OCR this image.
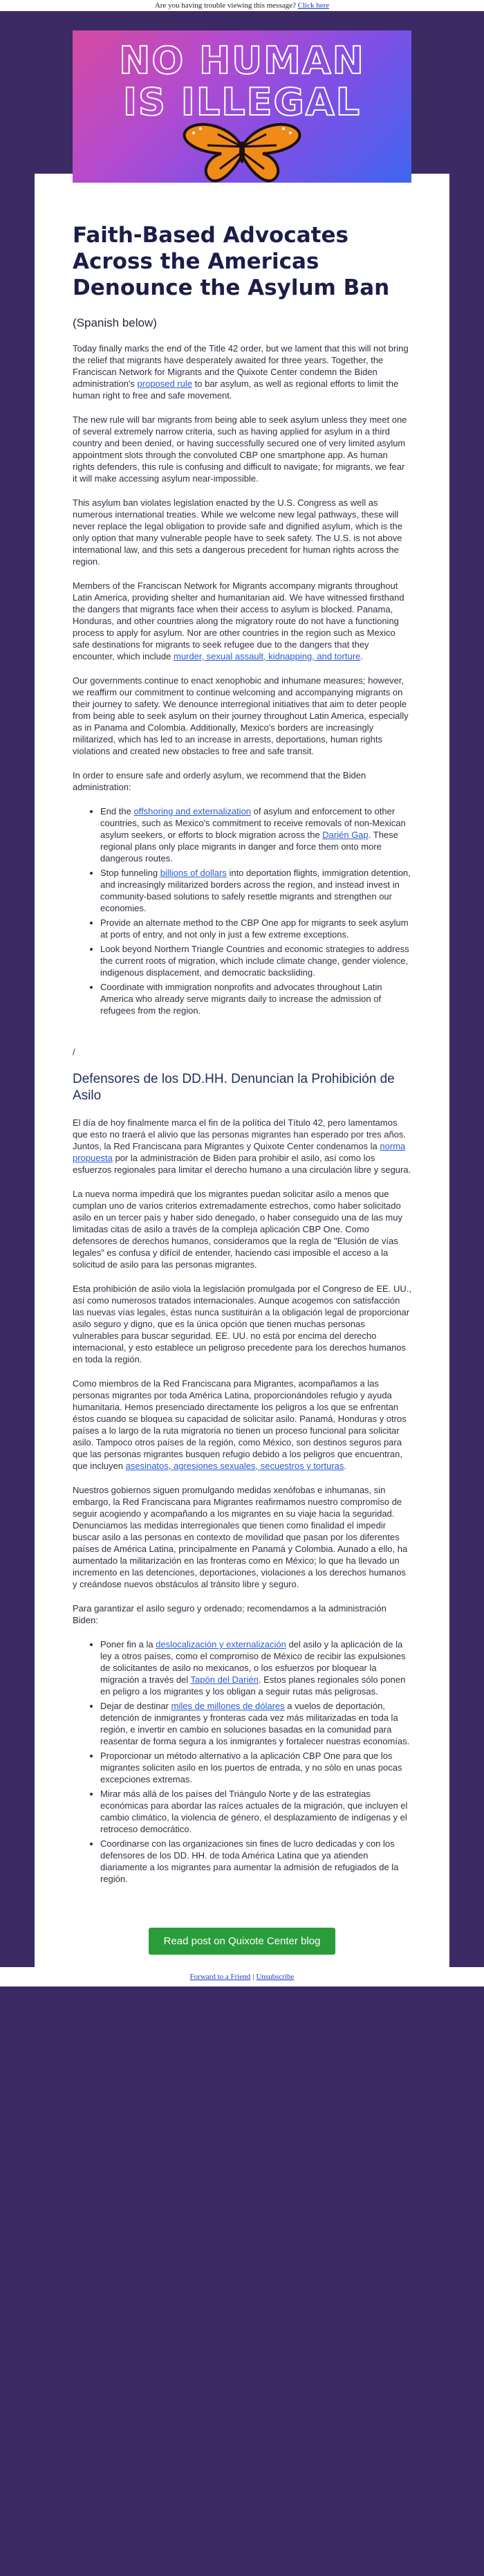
Are you having trouble viewing this message? Click here
NO HUMAN
IS ILLEGAL
Faith-Based Advocates Across the Americas Denounce the Asylum Ban
(Spanish below)

Today finally marks the end of the Title 42 order, but we lament that this will not bring the relief that migrants have desperately awaited for three years. Together, the Franciscan Network for Migrants and the Quixote Center condemn the Biden administration's proposed rule to bar asylum, as well as regional efforts to limit the human right to free and safe movement.

The new rule will bar migrants from being able to seek asylum unless they meet one of several extremely narrow criteria, such as having applied for asylum in a third country and been denied, or having successfully secured one of very limited asylum appointment slots through the convoluted CBP one smartphone app. As human rights defenders, this rule is confusing and difficult to navigate; for migrants, we fear it will make accessing asylum near-impossible.

This asylum ban violates legislation enacted by the U.S. Congress as well as numerous international treaties. While we welcome new legal pathways, these will never replace the legal obligation to provide safe and dignified asylum, which is the only option that many vulnerable people have to seek safety. The U.S. is not above international law, and this sets a dangerous precedent for human rights across the region.

Members of the Franciscan Network for Migrants accompany migrants throughout Latin America, providing shelter and humanitarian aid. We have witnessed firsthand the dangers that migrants face when their access to asylum is blocked. Panama, Honduras, and other countries along the migratory route do not have a functioning process to apply for asylum. Nor are other countries in the region such as Mexico safe destinations for migrants to seek refugee due to the dangers that they encounter, which include murder, sexual assault, kidnapping, and torture.

Our governments continue to enact xenophobic and inhumane measures; however, we reaffirm our commitment to continue welcoming and accompanying migrants on their journey to safety. We denounce interregional initiatives that aim to deter people from being able to seek asylum on their journey throughout Latin America, especially as in Panama and Colombia. Additionally, Mexico's borders are increasingly militarized, which has led to an increase in arrests, deportations, human rights violations and created new obstacles to free and safe transit.

In order to ensure safe and orderly asylum, we recommend that the Biden administration:

• End the offshoring and externalization of asylum and enforcement to other countries, such as Mexico's commitment to receive removals of non-Mexican asylum seekers, or efforts to block migration across the Darién Gap. These regional plans only place migrants in danger and force them onto more dangerous routes.
• Stop funneling billions of dollars into deportation flights, immigration detention, and increasingly militarized borders across the region, and instead invest in community-based solutions to safely resettle migrants and strengthen our economies.
• Provide an alternate method to the CBP One app for migrants to seek asylum at ports of entry, and not only in just a few extreme exceptions.
• Look beyond Northern Triangle Countries and economic strategies to address the current roots of migration, which include climate change, gender violence, indigenous displacement, and democratic backsliding.
• Coordinate with immigration nonprofits and advocates throughout Latin America who already serve migrants daily to increase the admission of refugees from the region.
/
Defensores de los DD.HH. Denuncian la Prohibición de Asilo

El día de hoy finalmente marca el fin de la política del Título 42, pero lamentamos que esto no traerá el alivio que las personas migrantes han esperado por tres años. Juntos, la Red Franciscana para Migrantes y Quixote Center condenamos la norma propuesta por la administración de Biden para prohibir el asilo, así como los esfuerzos regionales para limitar el derecho humano a una circulación libre y segura.

La nueva norma impedirá que los migrantes puedan solicitar asilo a menos que cumplan uno de varios criterios extremadamente estrechos, como haber solicitado asilo en un tercer país y haber sido denegado, o haber conseguido una de las muy limitadas citas de asilo a través de la compleja aplicación CBP One. Como defensores de derechos humanos, consideramos que la regla de "Elusión de vías legales" es confusa y difícil de entender, haciendo casi imposible el acceso a la solicitud de asilo para las personas migrantes.

Esta prohibición de asilo viola la legislación promulgada por el Congreso de EE. UU., así como numerosos tratados internacionales. Aunque acogemos con satisfacción las nuevas vías legales, éstas nunca sustituirán a la obligación legal de proporcionar asilo seguro y digno, que es la única opción que tienen muchas personas vulnerables para buscar seguridad. EE. UU. no está por encima del derecho internacional, y esto establece un peligroso precedente para los derechos humanos en toda la región.

Como miembros de la Red Franciscana para Migrantes, acompañamos a las personas migrantes por toda América Latina, proporcionándoles refugio y ayuda humanitaria. Hemos presenciado directamente los peligros a los que se enfrentan éstos cuando se bloquea su capacidad de solicitar asilo. Panamá, Honduras y otros países a lo largo de la ruta migratoria no tienen un proceso funcional para solicitar asilo. Tampoco otros países de la región, como México, son destinos seguros para que las personas migrantes busquen refugio debido a los peligros que encuentran, que incluyen asesinatos, agresiones sexuales, secuestros y torturas.

Nuestros gobiernos siguen promulgando medidas xenófobas e inhumanas, sin embargo, la Red Franciscana para Migrantes reafirmamos nuestro compromiso de seguir acogiendo y acompañando a los migrantes en su viaje hacia la seguridad. Denunciamos las medidas interregionales que tienen como finalidad el impedir buscar asilo a las personas en contexto de movilidad que pasan por los diferentes países de América Latina, principalmente en Panamá y Colombia. Aunado a ello, ha aumentado la militarización en las fronteras como en México; lo que ha llevado un incremento en las detenciones, deportaciones, violaciones a los derechos humanos y creándose nuevos obstáculos al tránsito libre y seguro.

Para garantizar el asilo seguro y ordenado; recomendamos a la administración Biden:

• Poner fin a la deslocalización y externalización del asilo y la aplicación de la ley a otros países, como el compromiso de México de recibir las expulsiones de solicitantes de asilo no mexicanos, o los esfuerzos por bloquear la migración a través del Tapón del Darién. Estos planes regionales sólo ponen en peligro a los migrantes y los obligan a seguir rutas más peligrosas.
• Dejar de destinar miles de millones de dólares a vuelos de deportación, detención de inmigrantes y fronteras cada vez más militarizadas en toda la región, e invertir en cambio en soluciones basadas en la comunidad para reasentar de forma segura a los inmigrantes y fortalecer nuestras economías.
• Proporcionar un método alternativo a la aplicación CBP One para que los migrantes soliciten asilo en los puertos de entrada, y no sólo en unas pocas excepciones extremas.
• Mirar más allá de los países del Triángulo Norte y de las estrategias económicas para abordar las raíces actuales de la migración, que incluyen el cambio climático, la violencia de género, el desplazamiento de indígenas y el retroceso democrático.
• Coordinarse con las organizaciones sin fines de lucro dedicadas y con los defensores de los DD. HH. de toda América Latina que ya atienden diariamente a los migrantes para aumentar la admisión de refugiados de la región.
Read post on Quixote Center blog
Forward to a Friend | Unsubscribe
